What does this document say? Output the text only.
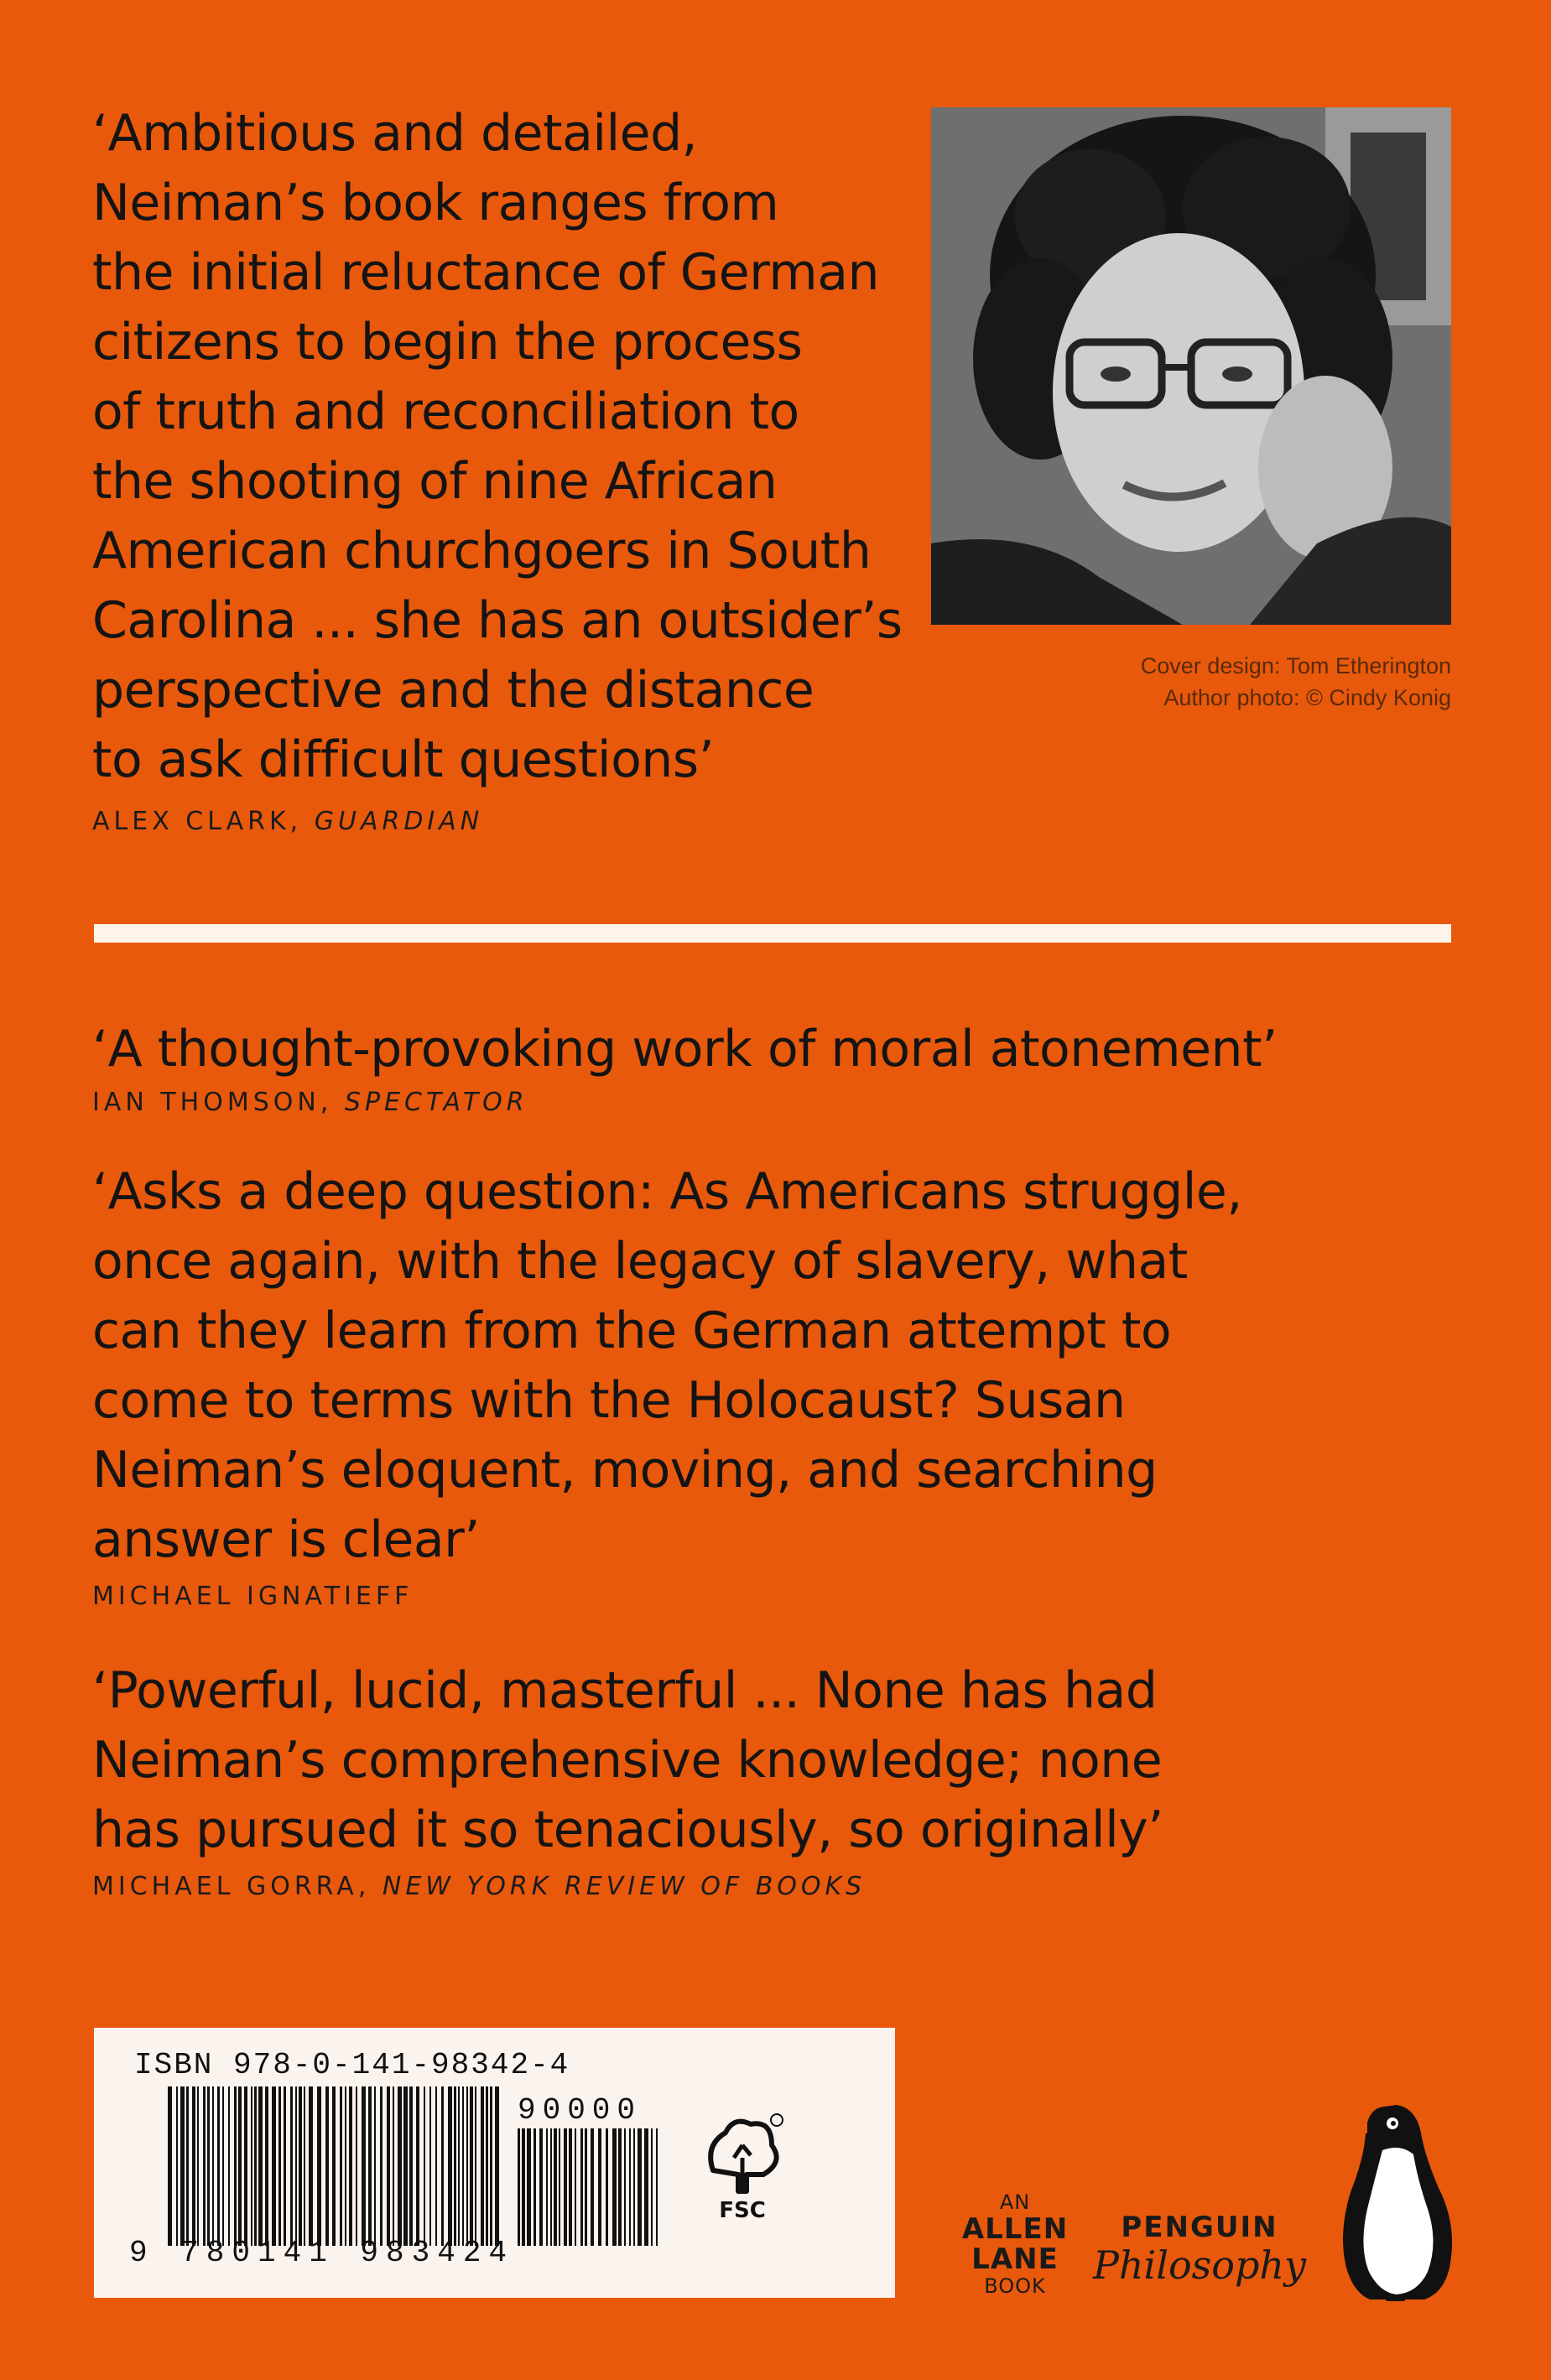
‘Ambitious and detailed,
Neiman’s book ranges from
the initial reluctance of German
citizens to begin the process
of truth and reconciliation to
the shooting of nine African
American churchgoers in South
Carolina ... she has an outsider’s
perspective and the distance
to ask difficult questions’
ALEX CLARK, GUARDIAN
Cover design: Tom Etherington
Author photo: © Cindy Konig
‘A thought-provoking work of moral atonement’
IAN THOMSON, SPECTATOR
‘Asks a deep question: As Americans struggle,
once again, with the legacy of slavery, what
can they learn from the German attempt to
come to terms with the Holocaust? Susan
Neiman’s eloquent, moving, and searching
answer is clear’
MICHAEL IGNATIEFF
‘Powerful, lucid, masterful ... None has had
Neiman’s comprehensive knowledge; none
has pursued it so tenaciously, so originally’
MICHAEL GORRA, NEW YORK REVIEW OF BOOKS
ISBN 978-0-141-98342-4
90000
9 780141 983424
FSC	AN
ALLEN
LANE
BOOK
PENGUIN
Philosophy
